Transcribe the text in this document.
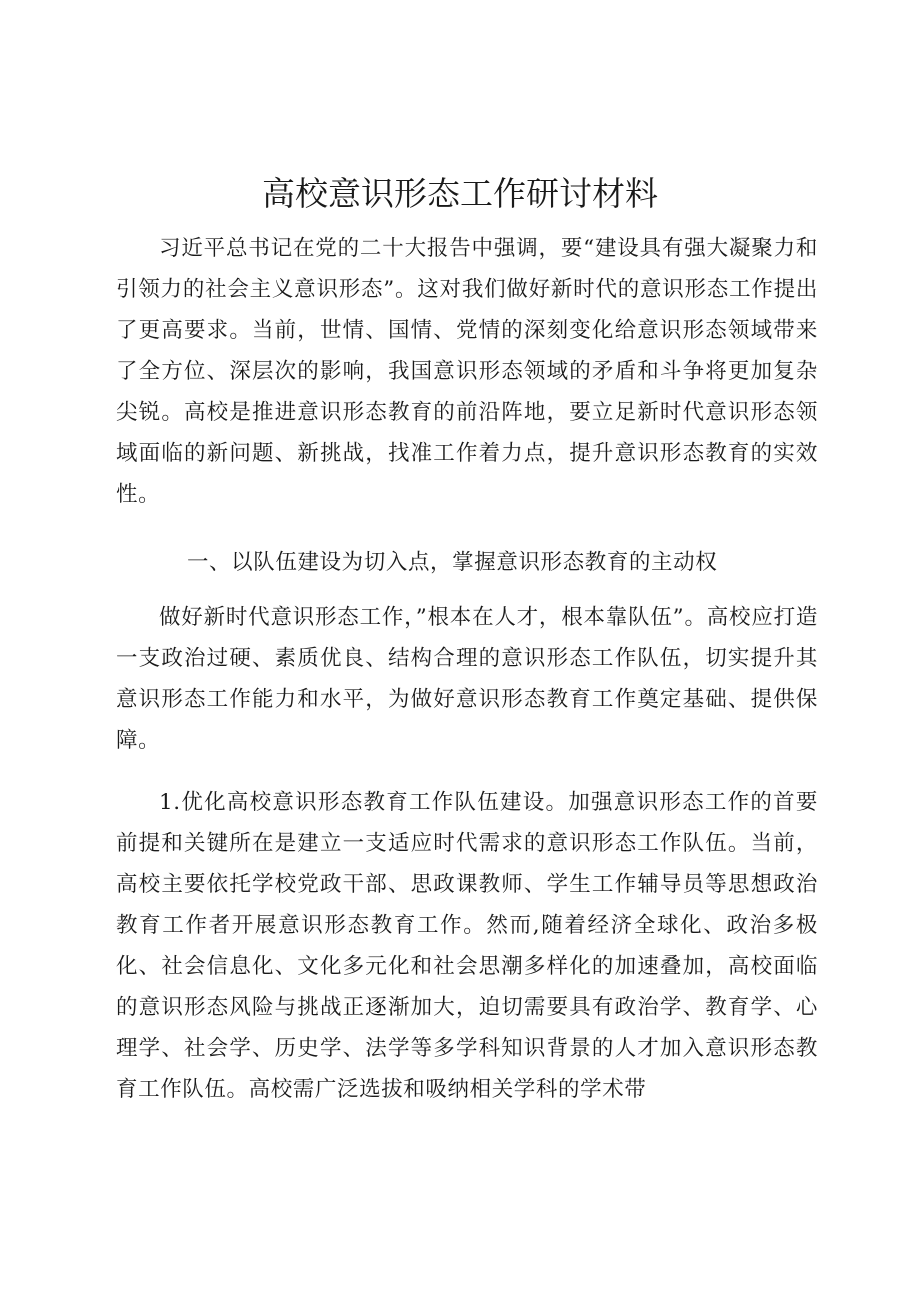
高校意识形态工作研讨材料

习近平总书记在党的二十大报告中强调，要“建设具有强大凝聚力和引领力的社会主义意识形态”。这对我们做好新时代的意识形态工作提出了更高要求。当前，世情、国情、党情的深刻变化给意识形态领域带来了全方位、深层次的影响，我国意识形态领域的矛盾和斗争将更加复杂尖锐。高校是推进意识形态教育的前沿阵地，要立足新时代意识形态领域面临的新问题、新挑战，找准工作着力点，提升意识形态教育的实效性。

一、以队伍建设为切入点，掌握意识形态教育的主动权

做好新时代意识形态工作，”根本在人才，根本靠队伍”。高校应打造一支政治过硬、素质优良、结构合理的意识形态工作队伍，切实提升其意识形态工作能力和水平，为做好意识形态教育工作奠定基础、提供保障。

1.优化高校意识形态教育工作队伍建设。加强意识形态工作的首要前提和关键所在是建立一支适应时代需求的意识形态工作队伍。当前，高校主要依托学校党政干部、思政课教师、学生工作辅导员等思想政治教育工作者开展意识形态教育工作。然而,随着经济全球化、政治多极化、社会信息化、文化多元化和社会思潮多样化的加速叠加，高校面临的意识形态风险与挑战正逐渐加大，迫切需要具有政治学、教育学、心理学、社会学、历史学、法学等多学科知识背景的人才加入意识形态教育工作队伍。高校需广泛选拔和吸纳相关学科的学术带
